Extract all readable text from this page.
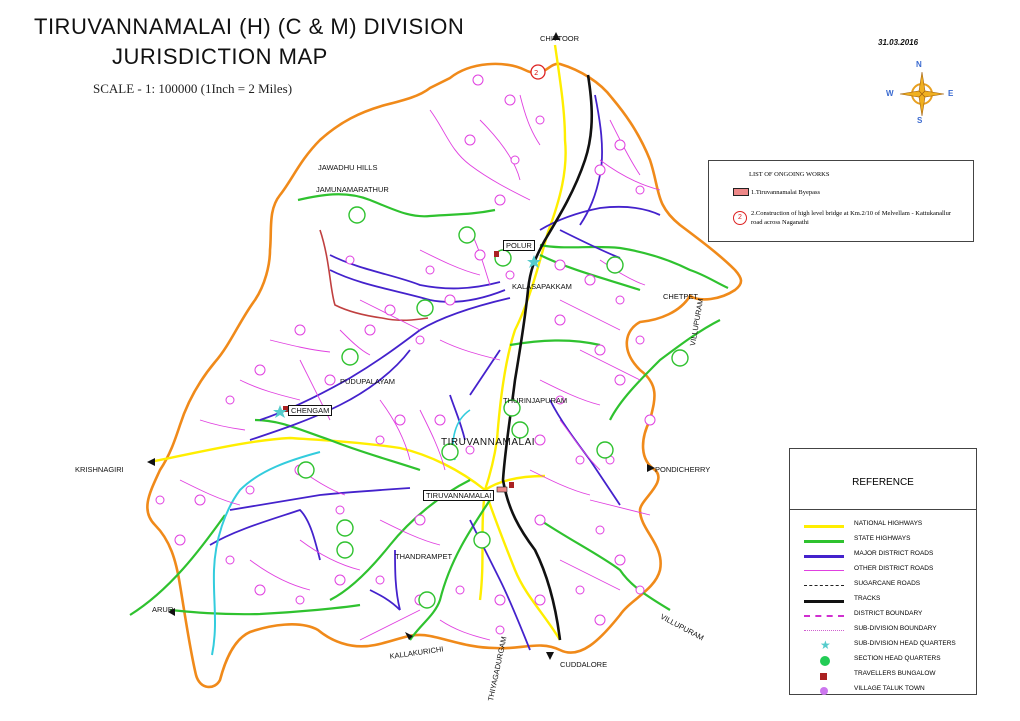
2
TIRUVANNAMALAI (H) (C & M) DIVISION
JURISDICTION MAP
SCALE - 1: 100000 (1Inch = 2 Miles)
31.03.2016
N
S
W	E
CHITTOOR
KRISHNAGIRI	PONDICHERRY
VILLUPURAM
VILLUPURAM
ARUR
KALLAKURICHI
CUDDALORE
THIYAGADURGAM
CHETPET
JAWADHU HILLS
JAMUNAMARATHUR
POLUR
KALASAPAKKAM
PUDUPALAYAM
CHENGAM
THURINJAPURAM
TIRUVANNAMALAI
TIRUVANNAMALAI
THANDRAMPET
LIST OF ONGOING WORKS
1.Tiruvannamalai Byepass
2
2.Construction of high level bridge at Km.2/10 of Melvellam - Kattukanallur road across Naganathi
REFERENCE
NATIONAL HIGHWAYS
STATE HIGHWAYS
MAJOR DISTRICT ROADS
OTHER DISTRICT ROADS
SUGARCANE ROADS
TRACKS
DISTRICT BOUNDARY
SUB-DIVISION BOUNDARY
★	SUB-DIVISION HEAD QUARTERS
SECTION HEAD QUARTERS
TRAVELLERS BUNGALOW
VILLAGE TALUK TOWN
